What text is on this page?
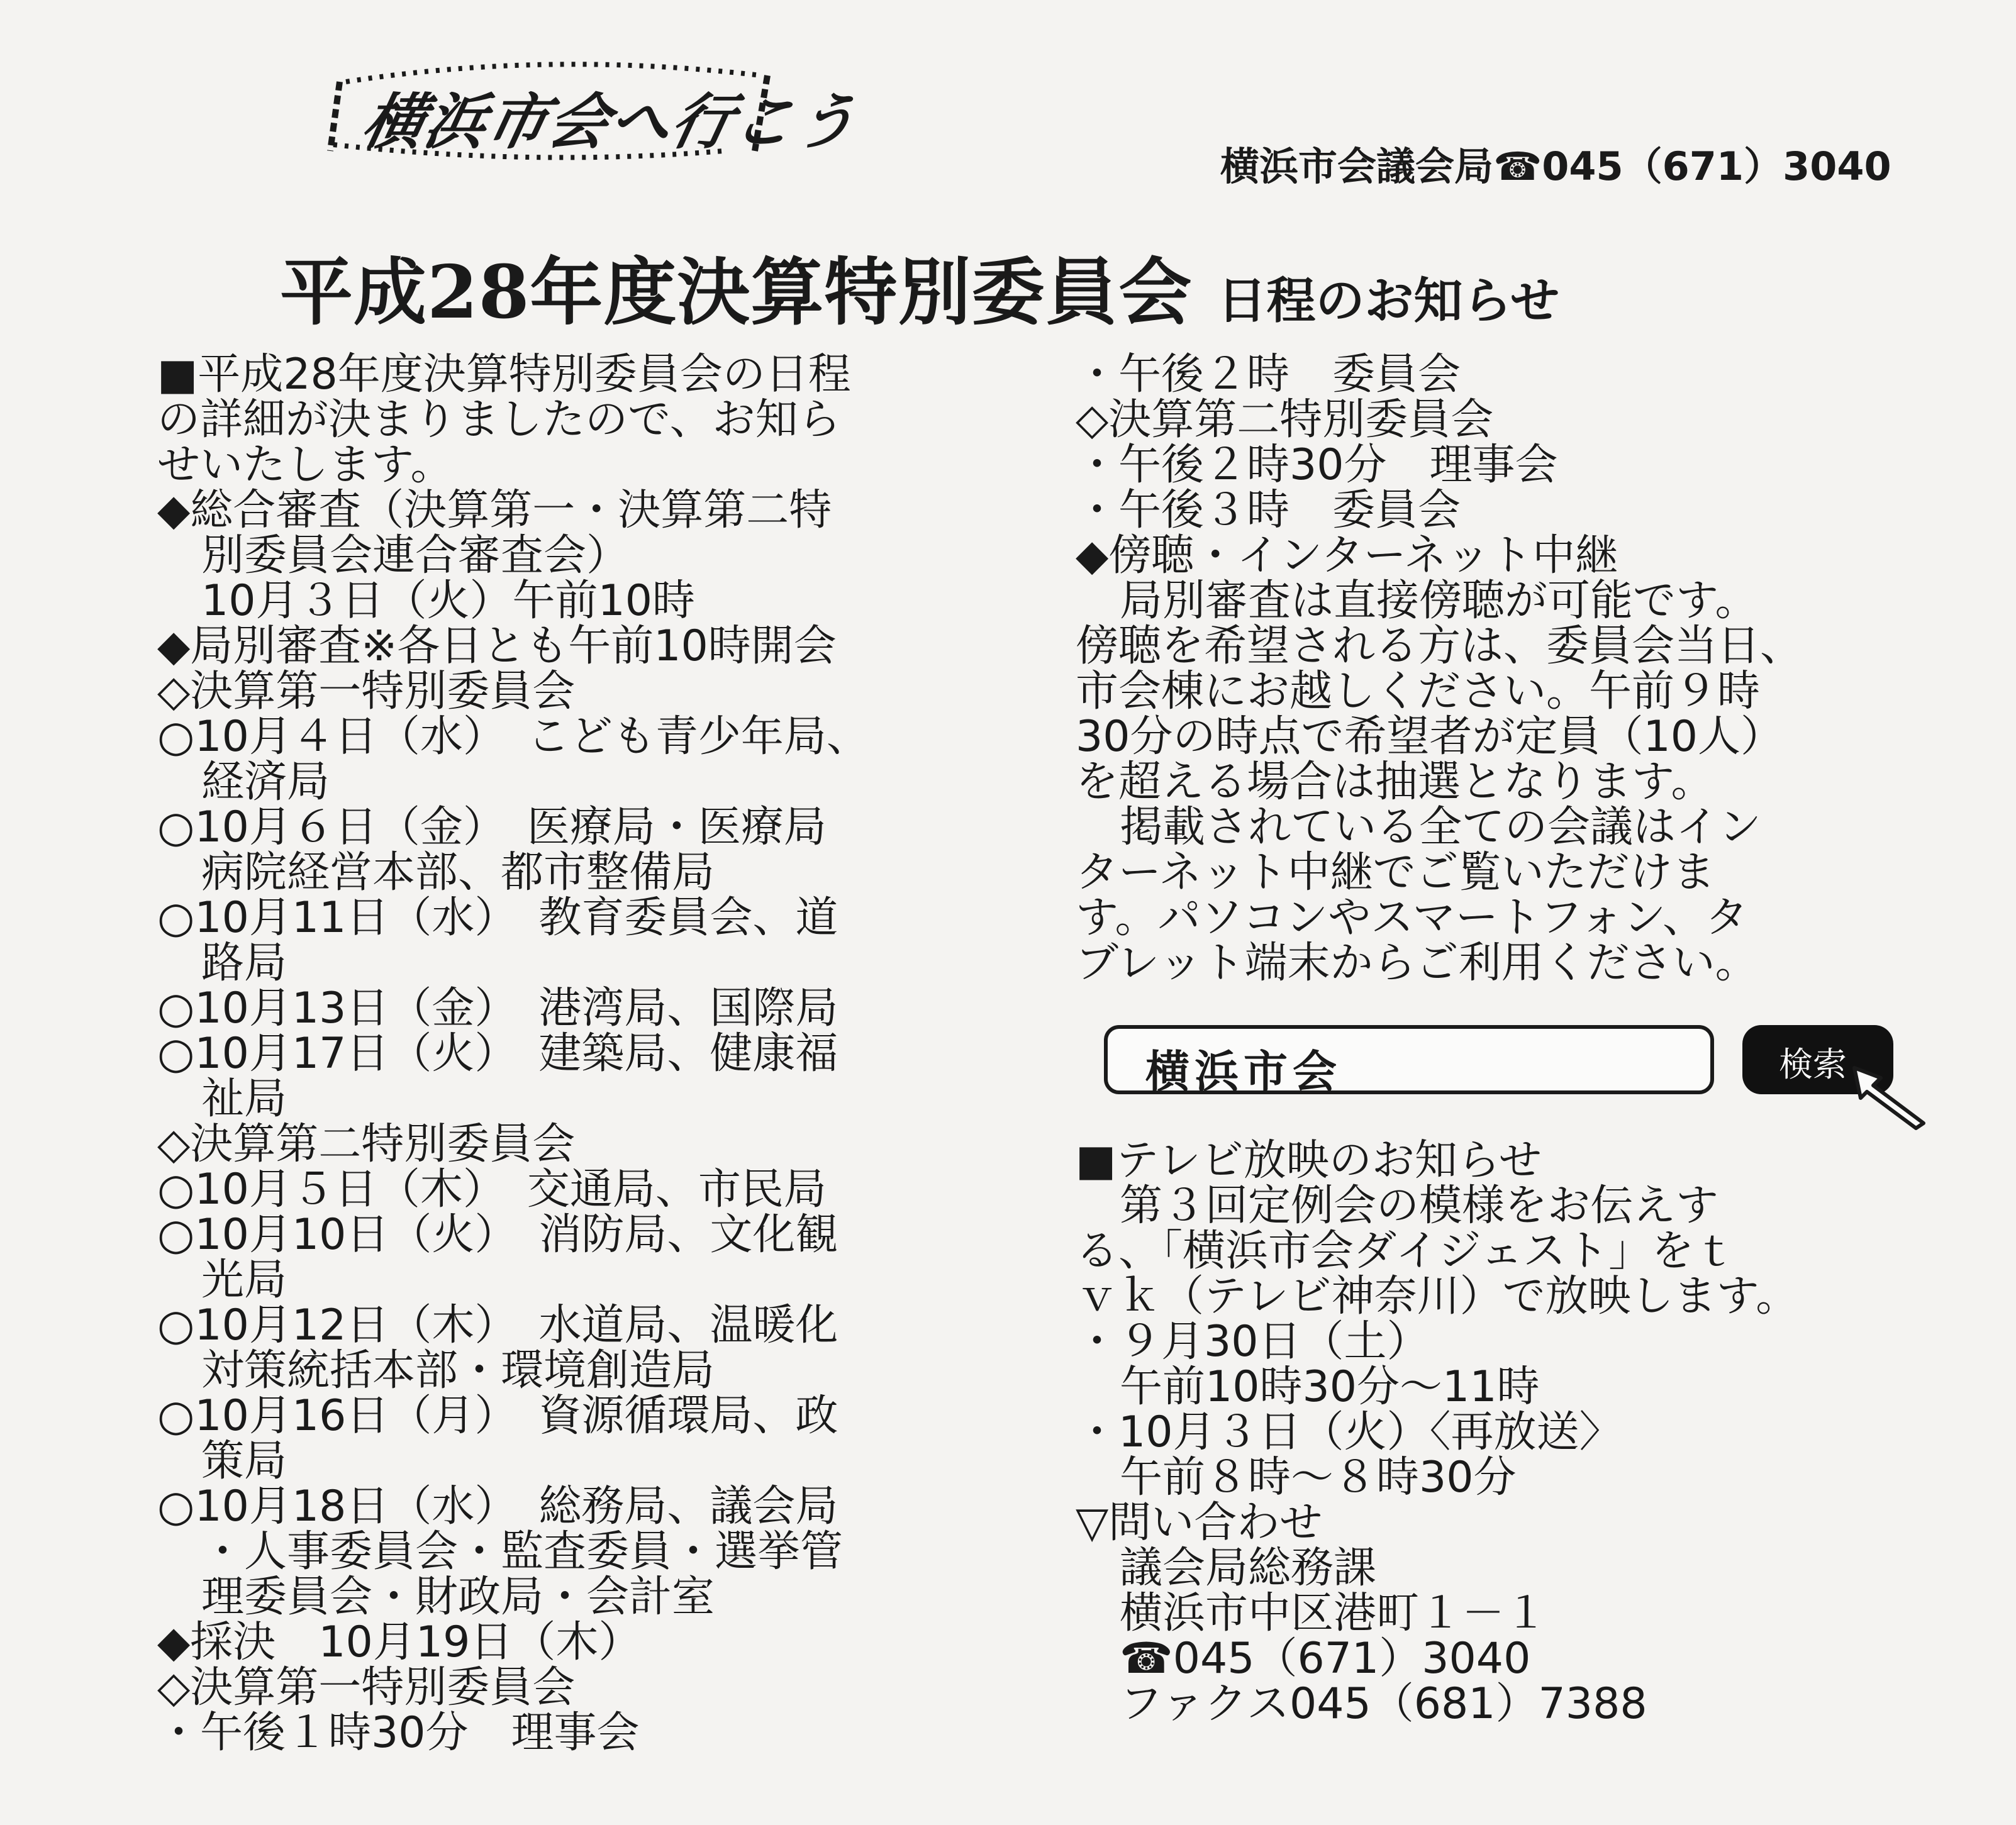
横浜市会へ行こう
横浜市会議会局☎045（671）3040
平成28年度決算特別委員会 日程のお知らせ
■平成28年度決算特別委員会の日程
の詳細が決まりましたので、お知ら
せいたします。
◆総合審査（決算第一・決算第二特
別委員会連合審査会）
10月３日（火）午前10時
◆局別審査※各日とも午前10時開会
◇決算第一特別委員会
○10月４日（水）　こども青少年局、
経済局
○10月６日（金）　医療局・医療局
病院経営本部、都市整備局
○10月11日（水）　教育委員会、道
路局
○10月13日（金）　港湾局、国際局
○10月17日（火）　建築局、健康福
祉局
◇決算第二特別委員会
○10月５日（木）　交通局、市民局
○10月10日（火）　消防局、文化観
光局
○10月12日（木）　水道局、温暖化
対策統括本部・環境創造局
○10月16日（月）　資源循環局、政
策局
○10月18日（水）　総務局、議会局
・人事委員会・監査委員・選挙管
理委員会・財政局・会計室
◆採決　10月19日（木）
◇決算第一特別委員会
・午後１時30分　理事会
・午後２時　委員会
◇決算第二特別委員会
・午後２時30分　理事会
・午後３時　委員会
◆傍聴・インターネット中継
局別審査は直接傍聴が可能です。
傍聴を希望される方は、委員会当日、
市会棟にお越しください。午前９時
30分の時点で希望者が定員（10人）
を超える場合は抽選となります。
掲載されている全ての会議はイン
ターネット中継でご覧いただけま
す。パソコンやスマートフォン、タ
ブレット端末からご利用ください。
横浜市会	検索
■テレビ放映のお知らせ
第３回定例会の模様をお伝えす
る、「横浜市会ダイジェスト」をｔ
ｖｋ（テレビ神奈川）で放映します。
・９月30日（土）
午前10時30分～11時
・10月３日（火）〈再放送〉
午前８時～８時30分
▽問い合わせ
議会局総務課
横浜市中区港町１－１
☎045（671）3040
ファクス045（681）7388
